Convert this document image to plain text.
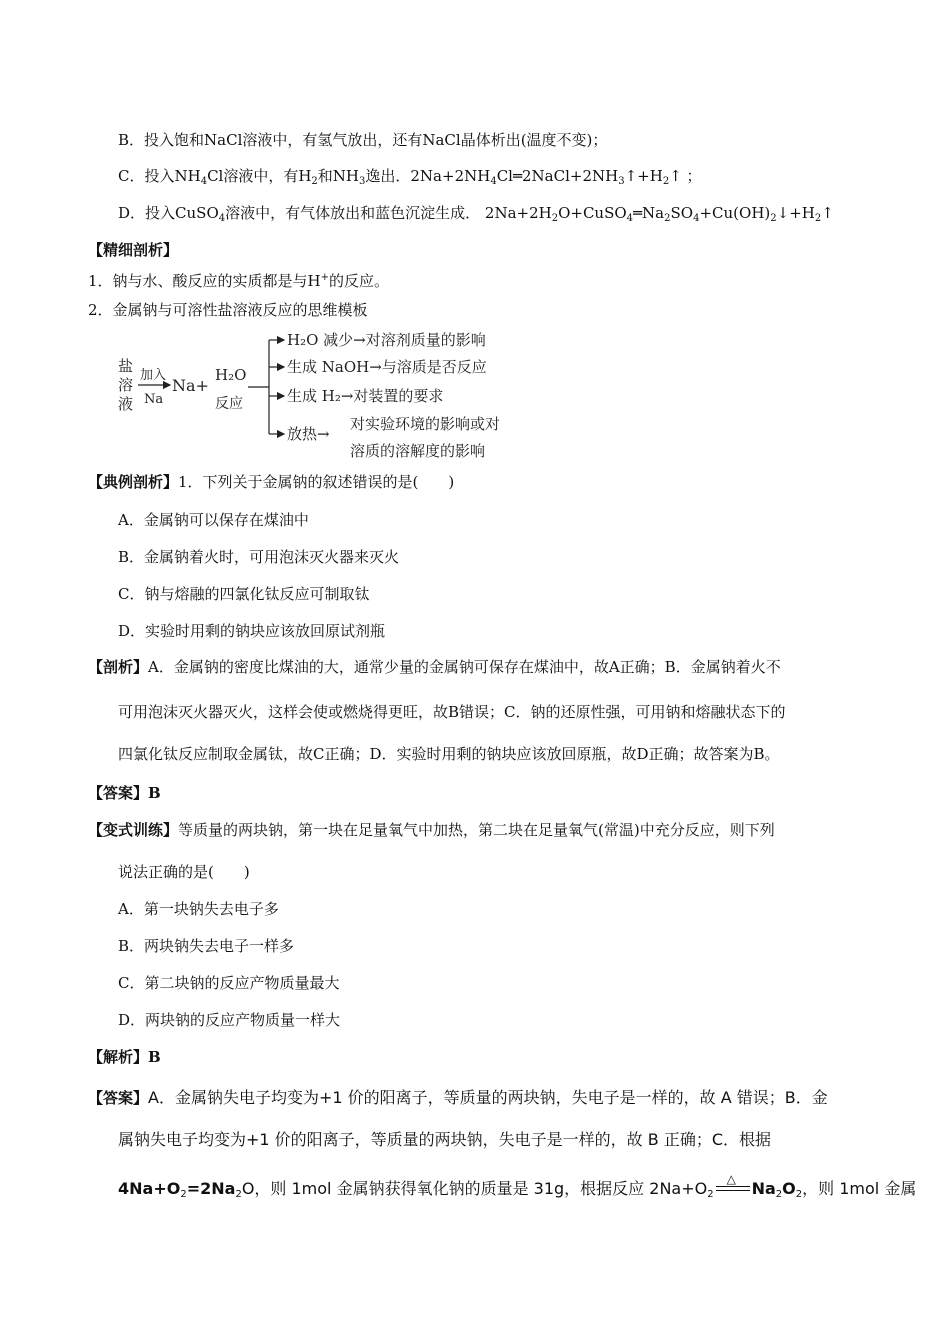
B．投入饱和NaCl溶液中，有氢气放出，还有NaCl晶体析出(温度不变)；
C．投入$NH_4Cl$溶液中，有$H_2$和$NH_3$逸出．$2Na+2NH_4Cl═2NaCl+2NH_3↑+H_2↑$ ；
D．投入CuSO$_4$溶液中，有气体放出和蓝色沉淀生成． $2Na+2H_2O+CuSO_4═Na_2SO_4+Cu(OH)_2↓+H_2↑$
【精细剖析】
1．钠与水、酸反应的实质都是与H+的反应。
2．金属钠与可溶性盐溶液反应的思维模板
盐
溶
液
加入
Na
Na+
H₂O
反应
H₂O 减少→对溶剂质量的影响
生成 NaOH→与溶质是否反应
生成 H₂→对装置的要求
放热→
对实验环境的影响或对
溶质的溶解度的影响
【典例剖析】1．下列关于金属钠的叙述错误的是(　　)
A．金属钠可以保存在煤油中
B．金属钠着火时，可用泡沫灭火器来灭火
C．钠与熔融的四氯化钛反应可制取钛
D．实验时用剩的钠块应该放回原试剂瓶
【剖析】A．金属钠的密度比煤油的大，通常少量的金属钠可保存在煤油中，故A正确；B．金属钠着火不
可用泡沫灭火器灭火，这样会使或燃烧得更旺，故B错误；C．钠的还原性强，可用钠和熔融状态下的
四氯化钛反应制取金属钛，故C正确；D．实验时用剩的钠块应该放回原瓶，故D正确；故答案为B。
【答案】B
【变式训练】等质量的两块钠，第一块在足量氧气中加热，第二块在足量氧气(常温)中充分反应，则下列
说法正确的是(　　)
A．第一块钠失去电子多
B．两块钠失去电子一样多
C．第二块钠的反应产物质量最大
D．两块钠的反应产物质量一样大
【解析】B
【答案】A．金属钠失电子均变为+1 价的阳离子，等质量的两块钠，失电子是一样的，故 A 错误；B．金
属钠失电子均变为+1 价的阳离子，等质量的两块钠，失电子是一样的，故 B 正确；C．根据
$4Na+O_2=2Na_2O$，则 1mol 金属钠获得氧化钠的质量是 31g，根据反应 $2Na+O_2$
△ $Na_2O_2$，则 1mol 金属
